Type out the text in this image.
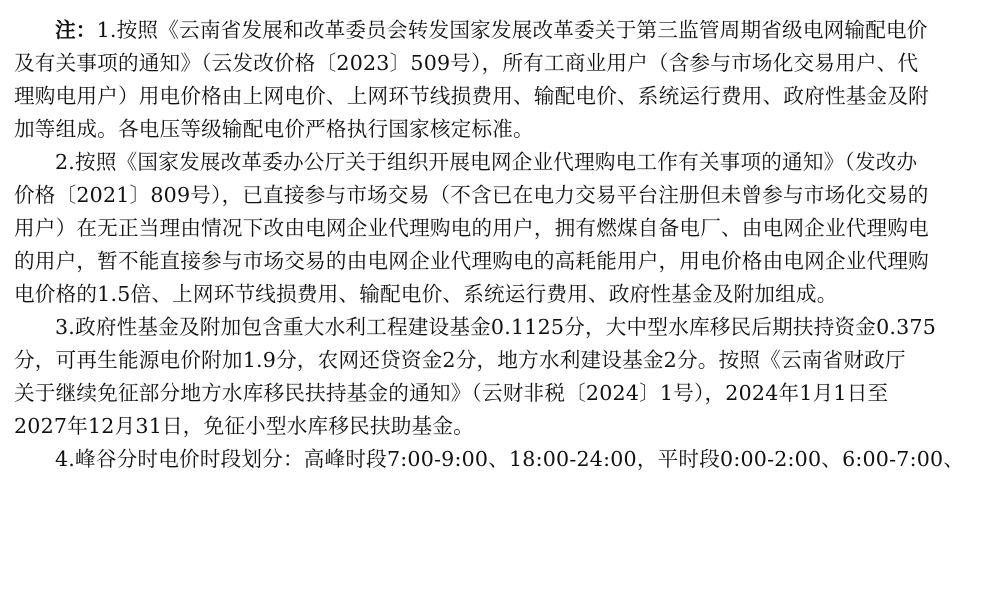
注：1.按照《云南省发展和改革委员会转发国家发展改革委关于第三监管周期省级电网输配电价
及有关事项的通知》（云发改价格〔2023〕509号），所有工商业用户（含参与市场化交易用户、代
理购电用户）用电价格由上网电价、上网环节线损费用、输配电价、系统运行费用、政府性基金及附
加等组成。各电压等级输配电价严格执行国家核定标准。
2.按照《国家发展改革委办公厅关于组织开展电网企业代理购电工作有关事项的通知》（发改办
价格〔2021〕809号），已直接参与市场交易（不含已在电力交易平台注册但未曾参与市场化交易的
用户）在无正当理由情况下改由电网企业代理购电的用户，拥有燃煤自备电厂、由电网企业代理购电
的用户，暂不能直接参与市场交易的由电网企业代理购电的高耗能用户，用电价格由电网企业代理购
电价格的1.5倍、上网环节线损费用、输配电价、系统运行费用、政府性基金及附加组成。
3.政府性基金及附加包含重大水利工程建设基金0.1125分，大中型水库移民后期扶持资金0.375
分，可再生能源电价附加1.9分，农网还贷资金2分，地方水利建设基金2分。按照《云南省财政厅
关于继续免征部分地方水库移民扶持基金的通知》（云财非税〔2024〕1号），2024年1月1日至
2027年12月31日，免征小型水库移民扶助基金。
4.峰谷分时电价时段划分：高峰时段7:00-9:00、18:00-24:00，平时段0:00-2:00、6:00-7:00、
